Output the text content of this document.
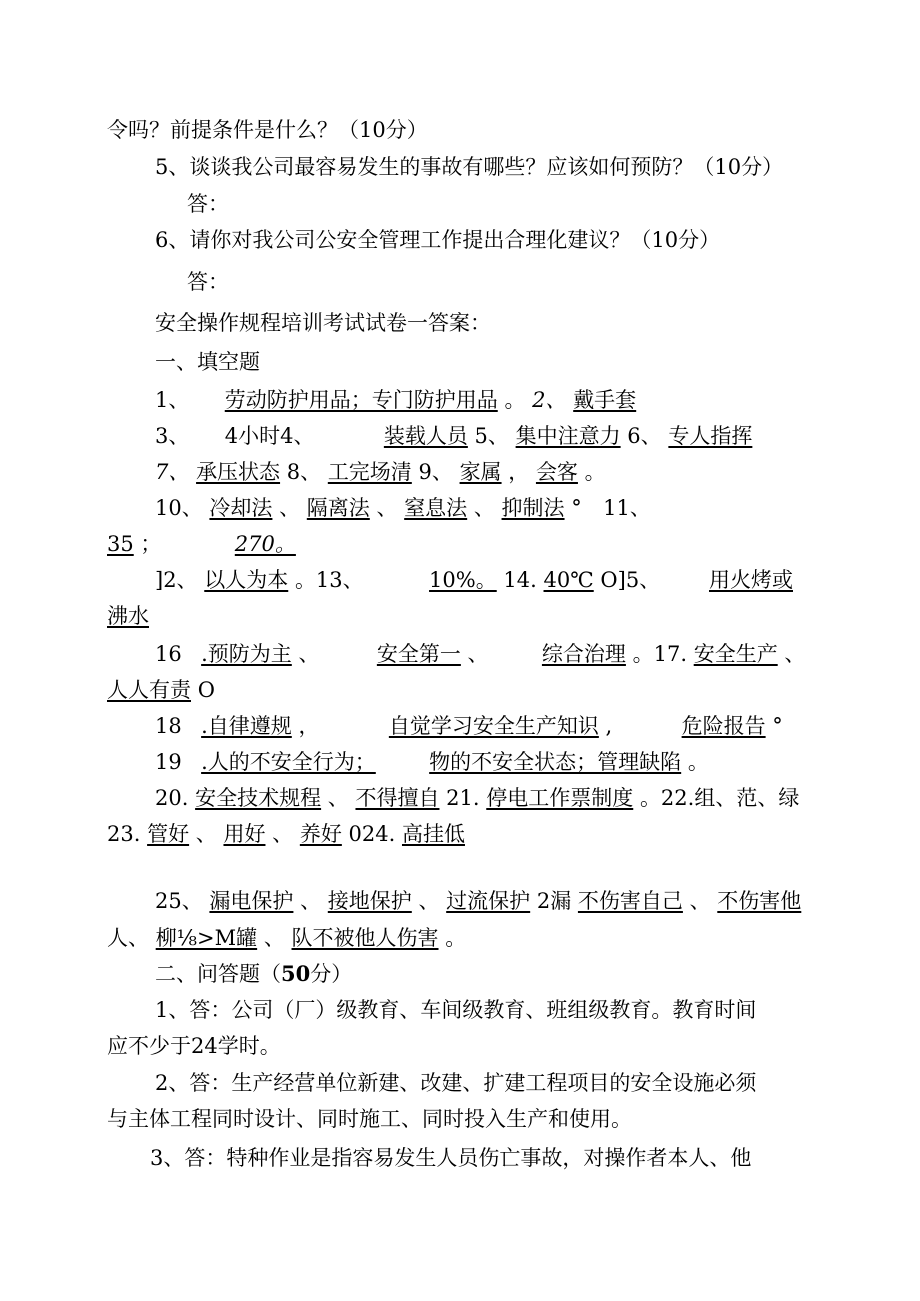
令吗？前提条件是什么？（10分）
5、谈谈我公司最容易发生的事故有哪些？应该如何预防？（10分）
答：
6、请你对我公司公安全管理工作提出合理化建议？（10分）
答：
安全操作规程培训考试试卷一答案：
一、填空题
1、 劳动防护用品；专门防护用品 。 2、 戴手套
3、 4小时4、	装载人员 5、 集中注意力 6、 专人指挥
7、 承压状态 8、 工完场清 9、 家属 ， 会客 。
10、 冷却法 、 隔离法 、 窒息法 、 抑制法 ° 11、
35 ；	270。
]2、 以人为本 。13、	10%。 14. 40℃ O]5、 用火烤或
沸水
16 .预防为主 、	安全第一 、	综合治理 。17. 安全生产 、
人人有责 O
18 .自律遵规 ，	自觉学习安全生产知识 ,	危险报告 °
19 .人的不安全行为；	物的不安全状态；管理缺陷 。
20. 安全技术规程 、 不得擅自 21. 停电工作票制度 。22.组、范、绿
23. 管好 、 用好 、 养好 024. 高挂低
25、 漏电保护 、 接地保护 、 过流保护 2漏 不伤害自己 、 不伤害他
人、 柳⅛>M罐 、 队不被他人伤害 。
二、问答题（50分）
1、答：公司（厂）级教育、车间级教育、班组级教育。教育时间
应不少于24学时。
2、答：生产经营单位新建、改建、扩建工程项目的安全设施必须
与主体工程同时设计、同时施工、同时投入生产和使用。
3、答：特种作业是指容易发生人员伤亡事故，对操作者本人、他
